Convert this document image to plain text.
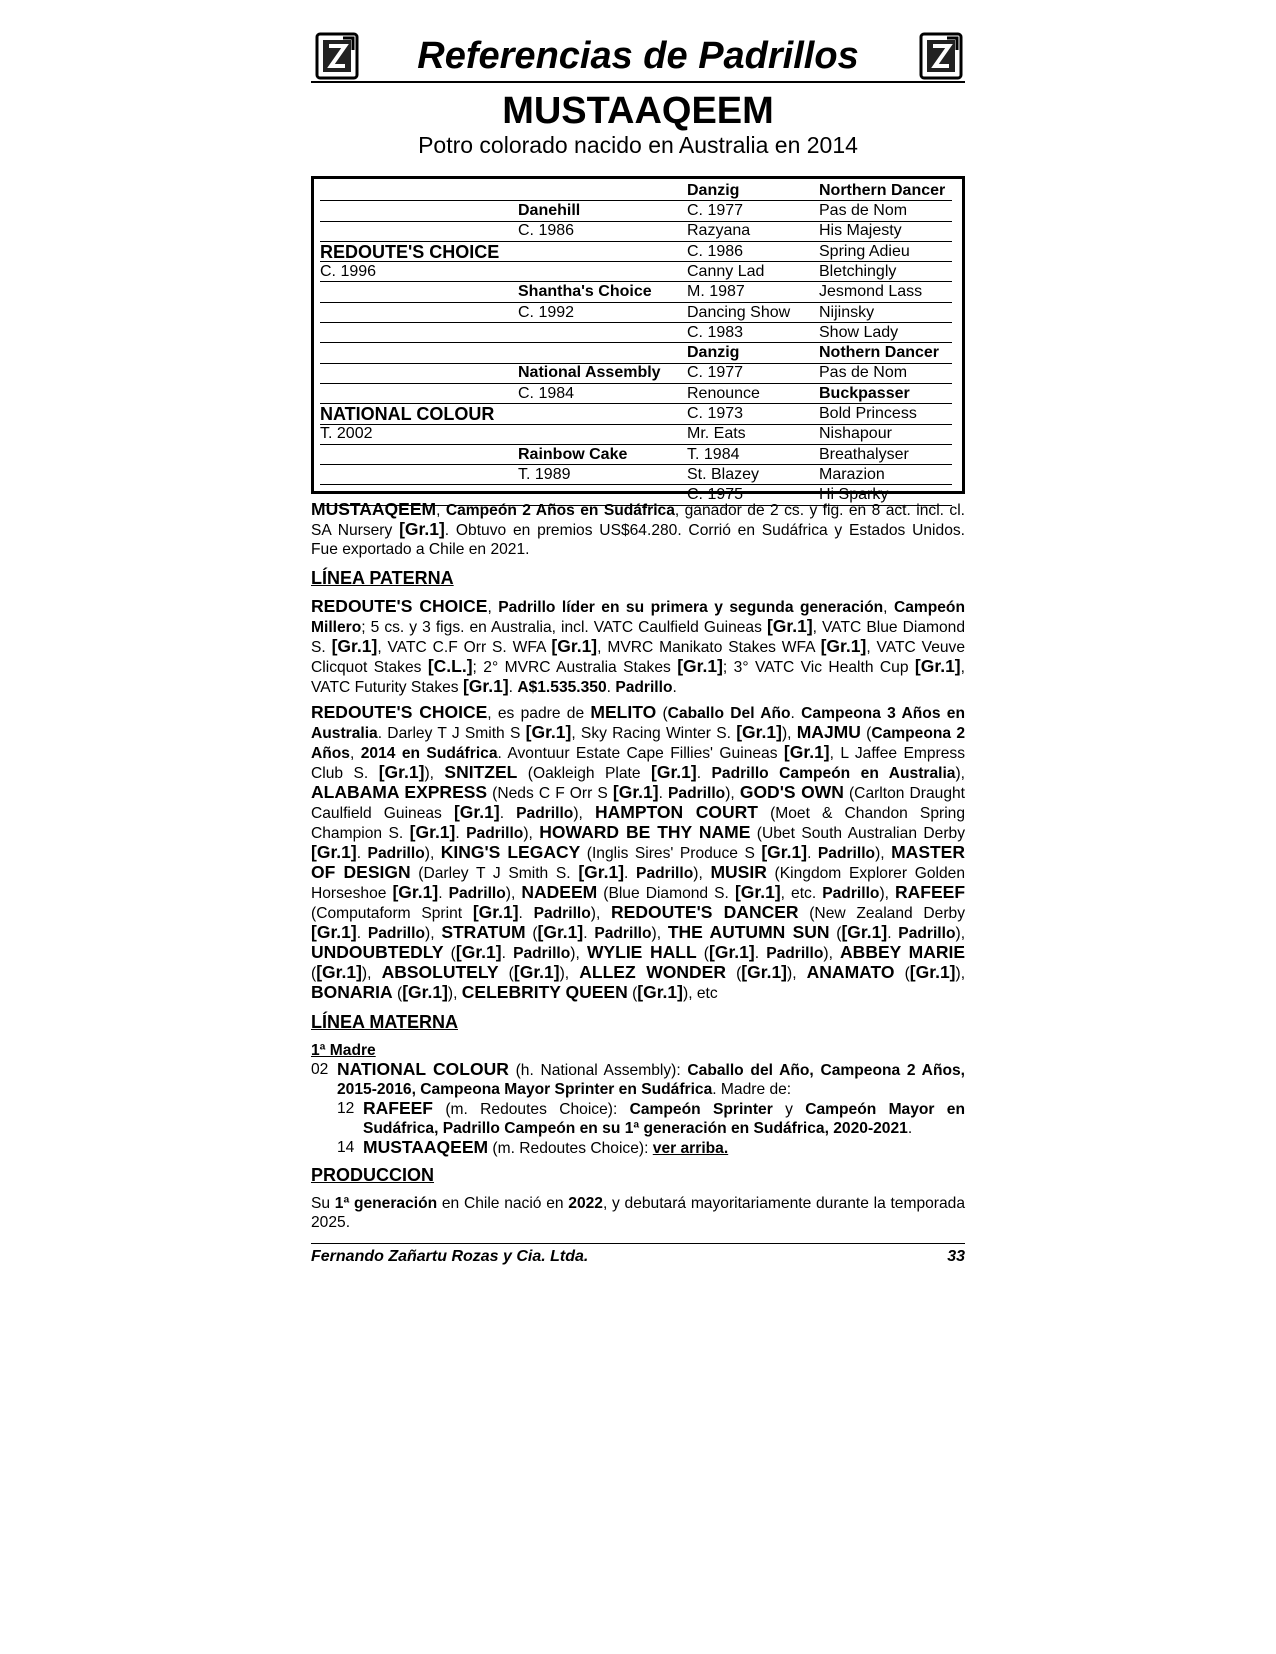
Referencias de Padrillos
MUSTAAQEEM
Potro colorado nacido en Australia en 2014
		Danzig	Northern Dancer
	Danehill	C. 1977	Pas de Nom
	C. 1986	Razyana	His Majesty
REDOUTE'S CHOICE		C. 1986	Spring Adieu
C. 1996		Canny Lad	Bletchingly
	Shantha's Choice	M. 1987	Jesmond Lass
	C. 1992	Dancing Show	Nijinsky
		C. 1983	Show Lady
		Danzig	Nothern Dancer
	National Assembly	C. 1977	Pas de Nom
	C. 1984	Renounce	Buckpasser
NATIONAL COLOUR		C. 1973	Bold Princess
T. 2002		Mr. Eats	Nishapour
	Rainbow Cake	T. 1984	Breathalyser
	T. 1989	St. Blazey	Marazion
		C. 1975	Hi Sparky

MUSTAAQEEM, Campeón 2 Años en Sudáfrica, ganador de 2 cs. y fig. en 8 act. incl. cl. SA Nursery [Gr.1]. Obtuvo en premios US$64.280. Corrió en Sudáfrica y Estados Unidos. Fue exportado a Chile en 2021.

LÍNEA PATERNA

REDOUTE'S CHOICE, Padrillo líder en su primera y segunda generación, Campeón Millero; 5 cs. y 3 figs. en Australia, incl. VATC Caulfield Guineas [Gr.1], VATC Blue Diamond S. [Gr.1], VATC C.F Orr S. WFA [Gr.1], MVRC Manikato Stakes WFA [Gr.1], VATC Veuve Clicquot Stakes [C.L.]; 2° MVRC Australia Stakes [Gr.1]; 3° VATC Vic Health Cup [Gr.1], VATC Futurity Stakes [Gr.1]. A$1.535.350. Padrillo.

REDOUTE'S CHOICE, es padre de MELITO (Caballo Del Año. Campeona 3 Años en Australia. Darley T J Smith S [Gr.1], Sky Racing Winter S. [Gr.1]), MAJMU (Campeona 2 Años, 2014 en Sudáfrica. Avontuur Estate Cape Fillies' Guineas [Gr.1], L Jaffee Empress Club S. [Gr.1]), SNITZEL (Oakleigh Plate [Gr.1]. Padrillo Campeón en Australia), ALABAMA EXPRESS (Neds C F Orr S [Gr.1]. Padrillo), GOD'S OWN (Carlton Draught Caulfield Guineas [Gr.1]. Padrillo), HAMPTON COURT (Moet & Chandon Spring Champion S. [Gr.1]. Padrillo), HOWARD BE THY NAME (Ubet South Australian Derby [Gr.1]. Padrillo), KING'S LEGACY (Inglis Sires' Produce S [Gr.1]. Padrillo), MASTER OF DESIGN (Darley T J Smith S. [Gr.1]. Padrillo), MUSIR (Kingdom Explorer Golden Horseshoe [Gr.1]. Padrillo), NADEEM (Blue Diamond S. [Gr.1], etc. Padrillo), RAFEEF (Computaform Sprint [Gr.1]. Padrillo), REDOUTE'S DANCER (New Zealand Derby [Gr.1]. Padrillo), STRATUM ([Gr.1]. Padrillo), THE AUTUMN SUN ([Gr.1]. Padrillo), UNDOUBTEDLY ([Gr.1]. Padrillo), WYLIE HALL ([Gr.1]. Padrillo), ABBEY MARIE ([Gr.1]), ABSOLUTELY ([Gr.1]), ALLEZ WONDER ([Gr.1]), ANAMATO ([Gr.1]), BONARIA ([Gr.1]), CELEBRITY QUEEN ([Gr.1]), etc

LÍNEA MATERNA
1ª Madre
02 NATIONAL COLOUR (h. National Assembly): Caballo del Año, Campeona 2 Años, 2015-2016, Campeona Mayor Sprinter en Sudáfrica. Madre de:
12 RAFEEF (m. Redoutes Choice): Campeón Sprinter y Campeón Mayor en Sudáfrica, Padrillo Campeón en su 1ª generación en Sudáfrica, 2020-2021.
14 MUSTAAQEEM (m. Redoutes Choice): ver arriba.
PRODUCCION

Su 1ª generación en Chile nació en 2022, y debutará mayoritariamente durante la temporada 2025.

Fernando Zañartu Rozas y Cia. Ltda.	33
